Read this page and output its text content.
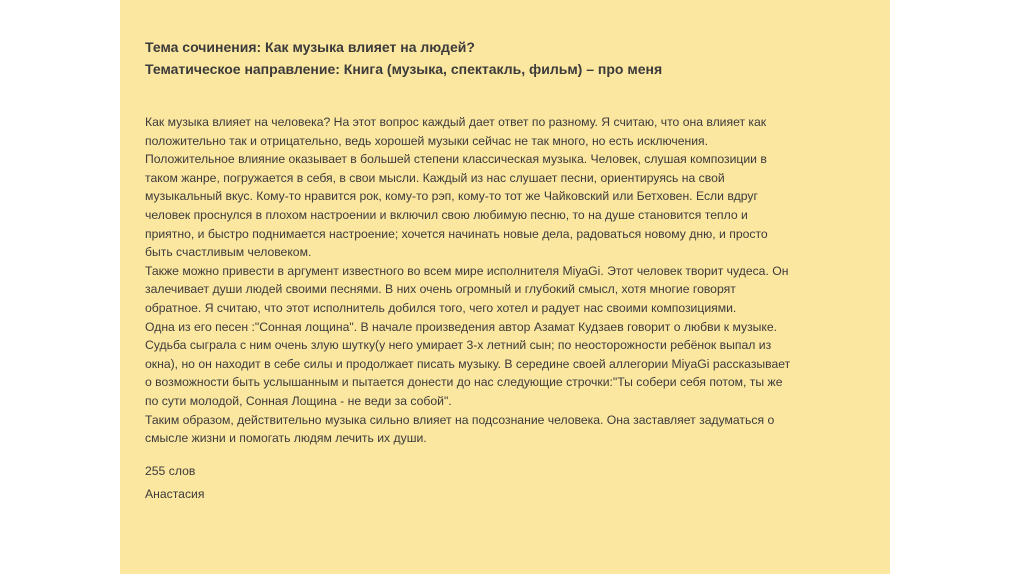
Тема сочинения: Как музыка влияет на людей?
Тематическое направление: Книга (музыка, спектакль, фильм) – про меня
Как музыка влияет на человека? На этот вопрос каждый дает ответ по разному. Я считаю, что она влияет как
положительно так и отрицательно, ведь хорошей музыки сейчас не так много, но есть исключения.
Положительное влияние оказывает в большей степени классическая музыка. Человек, слушая композиции в
таком жанре, погружается в себя, в свои мысли. Каждый из нас слушает песни, ориентируясь на свой
музыкальный вкус. Кому-то нравится рок, кому-то рэп, кому-то тот же Чайковский или Бетховен. Если вдруг
человек проснулся в плохом настроении и включил свою любимую песню, то на душе становится тепло и
приятно, и быстро поднимается настроение; хочется начинать новые дела, радоваться новому дню, и просто
быть счастливым человеком.
Также можно привести в аргумент известного во всем мире исполнителя MiyaGi. Этот человек творит чудеса. Он
залечивает души людей своими песнями. В них очень огромный и глубокий смысл, хотя многие говорят
обратное. Я считаю, что этот исполнитель добился того, чего хотел и радует нас своими композициями.
Одна из его песен :"Сонная лощина". В начале произведения автор Азамат Кудзаев говорит о любви к музыке.
Судьба сыграла с ним очень злую шутку(у него умирает 3-х летний сын; по неосторожности ребёнок выпал из
окна), но он находит в себе силы и продолжает писать музыку. В середине своей аллегории MiyaGi рассказывает
о возможности быть услышанным и пытается донести до нас следующие строчки:"Ты собери себя потом, ты же
по сути молодой, Сонная Лощина - не веди за собой".
Таким образом, действительно музыка сильно влияет на подсознание человека. Она заставляет задуматься о
смысле жизни и помогать людям лечить их души.
255 слов
Анастасия
